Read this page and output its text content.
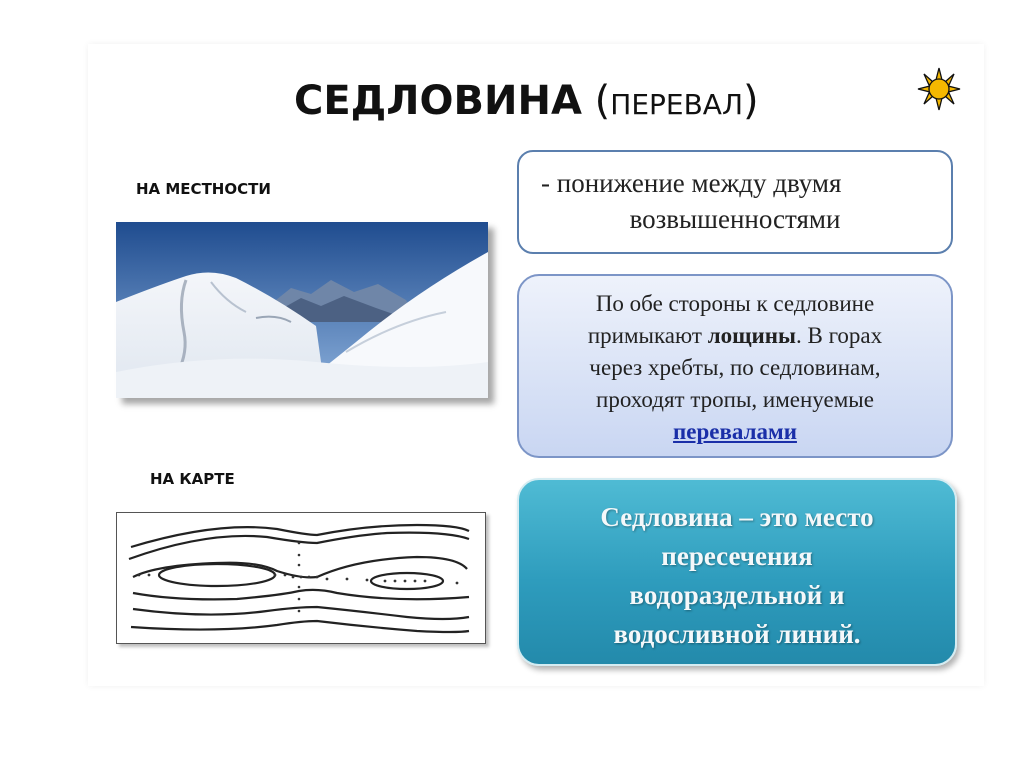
СЕДЛОВИНА (ПЕРЕВАЛ)
НА МЕСТНОСТИ
НА КАРТЕ
- понижение между двумя
возвышенностями
По обе стороны к седловине
примыкают лощины. В горах
через хребты, по седловинам,
проходят тропы, именуемые
перевалами
Седловина – это место
пересечения
водораздельной и
водосливной линий.
